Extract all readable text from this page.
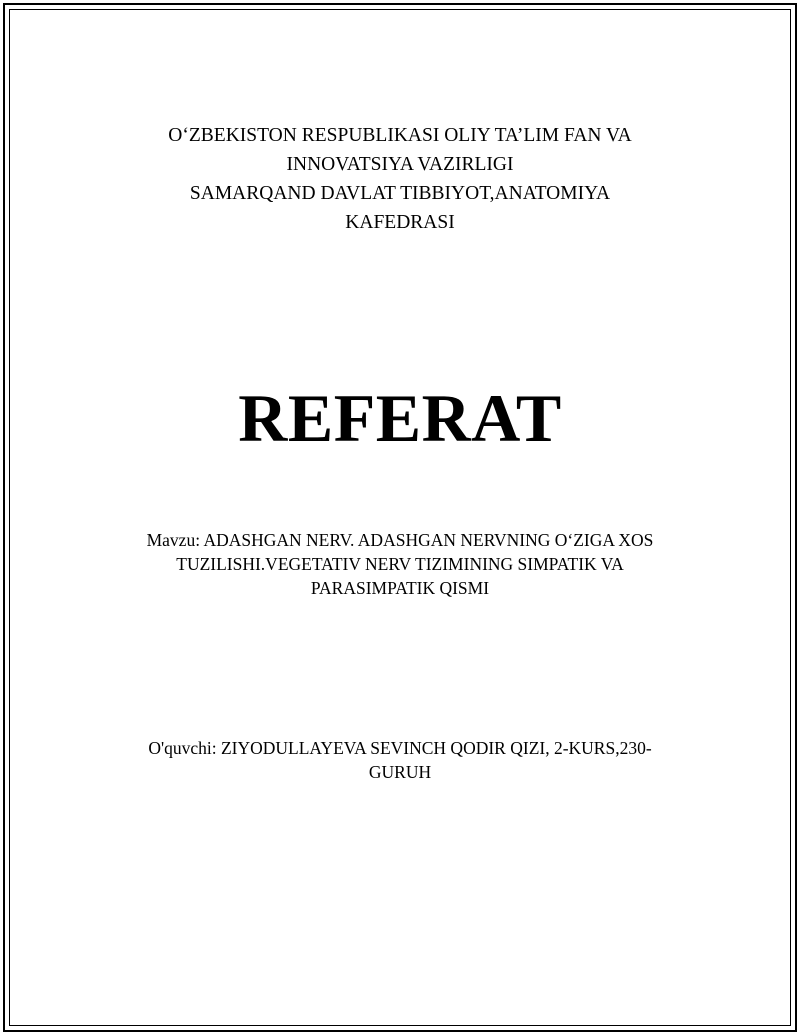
O‘ZBEKISTON RESPUBLIKASI OLIY TA’LIM FAN VA
INNOVATSIYA VAZIRLIGI
SAMARQAND DAVLAT TIBBIYOT,ANATOMIYA
KAFEDRASI
REFERAT
Mavzu: ADASHGAN NERV. ADASHGAN NERVNING O‘ZIGA XOS
TUZILISHI.VEGETATIV NERV TIZIMINING SIMPATIK VA
PARASIMPATIK QISMI
O'quvchi: ZIYODULLAYEVA SEVINCH QODIR QIZI, 2-KURS,230-
GURUH
